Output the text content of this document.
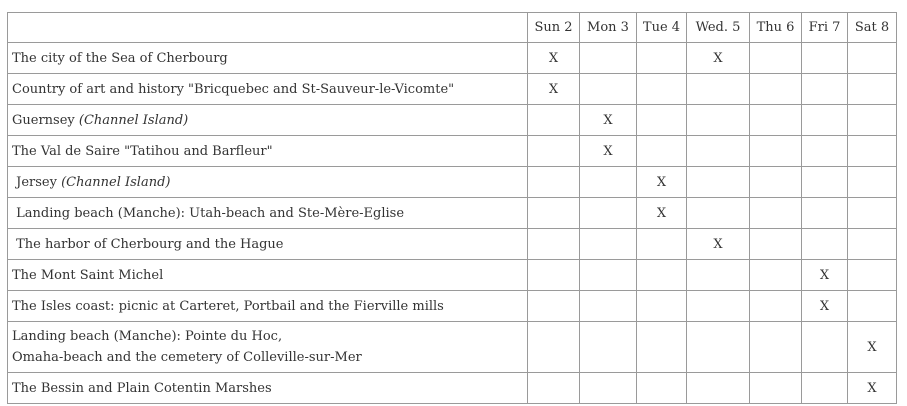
	Sun 2	Mon 3	Tue 4	Wed. 5	Thu 6	Fri 7	Sat 8
The city of the Sea of Cherbourg	X			X			
Country of art and history "Bricquebec and St-Sauveur-le-Vicomte"	X						
Guernsey (Channel Island)		X					
The Val de Saire "Tatihou and Barfleur"		X					
Jersey (Channel Island)			X				
Landing beach (Manche): Utah-beach and Ste-Mère-Eglise			X				
The harbor of Cherbourg and the Hague				X			
The Mont Saint Michel						X	
The Isles coast: picnic at Carteret, Portbail and the Fierville mills						X	
Landing beach (Manche): Pointe du Hoc,
Omaha-beach and the cemetery of Colleville-sur-Mer							X
The Bessin and Plain Cotentin Marshes							X
